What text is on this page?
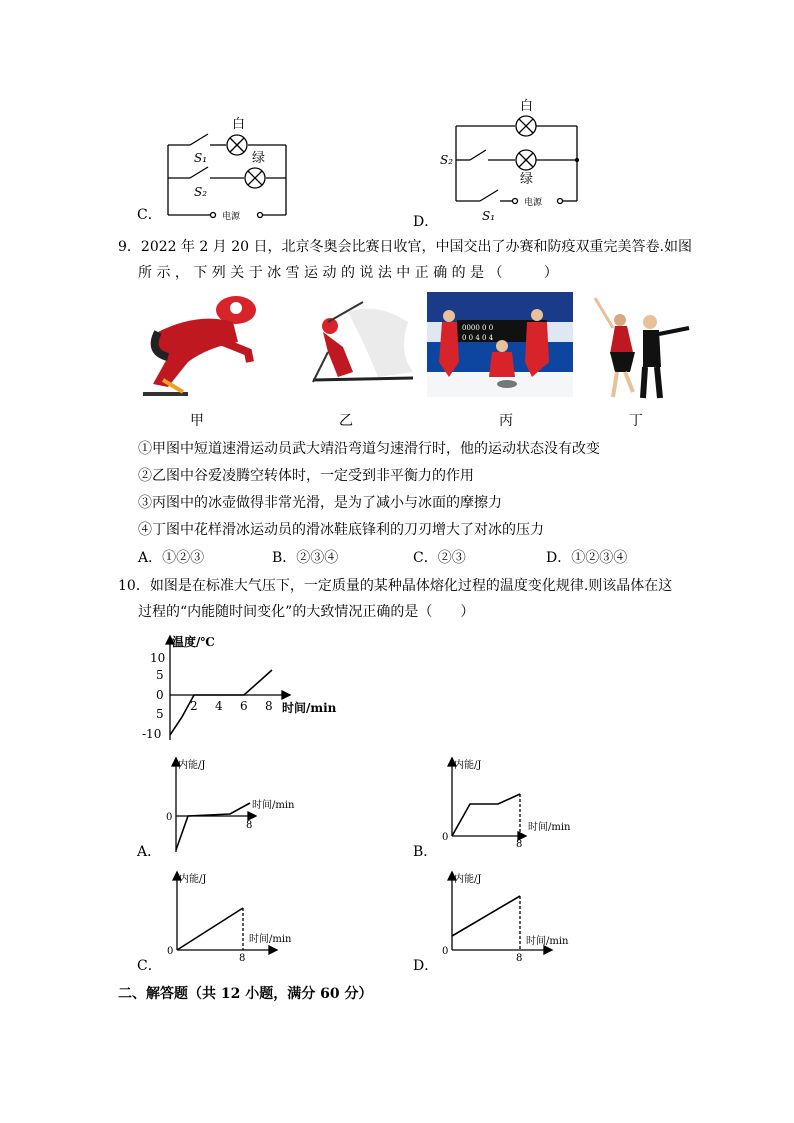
C．
白
绿
S₁
S₂
电源	D．
白
绿
S₂
S₁
电源
9．2022 年 2 月 20 日，北京冬奥会比赛日收官，中国交出了办赛和防疫双重完美答卷.如图
所 示 ， 下 列 关 于 冰 雪 运 动 的 说 法 中 正 确 的 是 （ 　 　 ）
0000 0 0
0 0 4 0 4
甲	乙	丙	丁
①甲图中短道速滑运动员武大靖沿弯道匀速滑行时，他的运动状态没有改变
②乙图中谷爱凌腾空转体时，一定受到非平衡力的作用
③丙图中的冰壶做得非常光滑，是为了减小与冰面的摩擦力
④丁图中花样滑冰运动员的滑冰鞋底锋利的刀刃增大了对冰的压力
A．①②③	B．②③④	C．②③	D．①②③④
10．如图是在标准大气压下，一定质量的某种晶体熔化过程的温度变化规律.则该晶体在这
过程的“内能随时间变化”的大致情况正确的是（　　）
温度/℃
时间/min
10
5
0
5
-10
2 4 6 8
A．
内能/J
时间/min
0
8
B．
内能/J
时间/min
0
8
C．
内能/J
时间/min
0
8	D．
内能/J
时间/min
0
8
二、解答题（共 12 小题，满分 60 分）
